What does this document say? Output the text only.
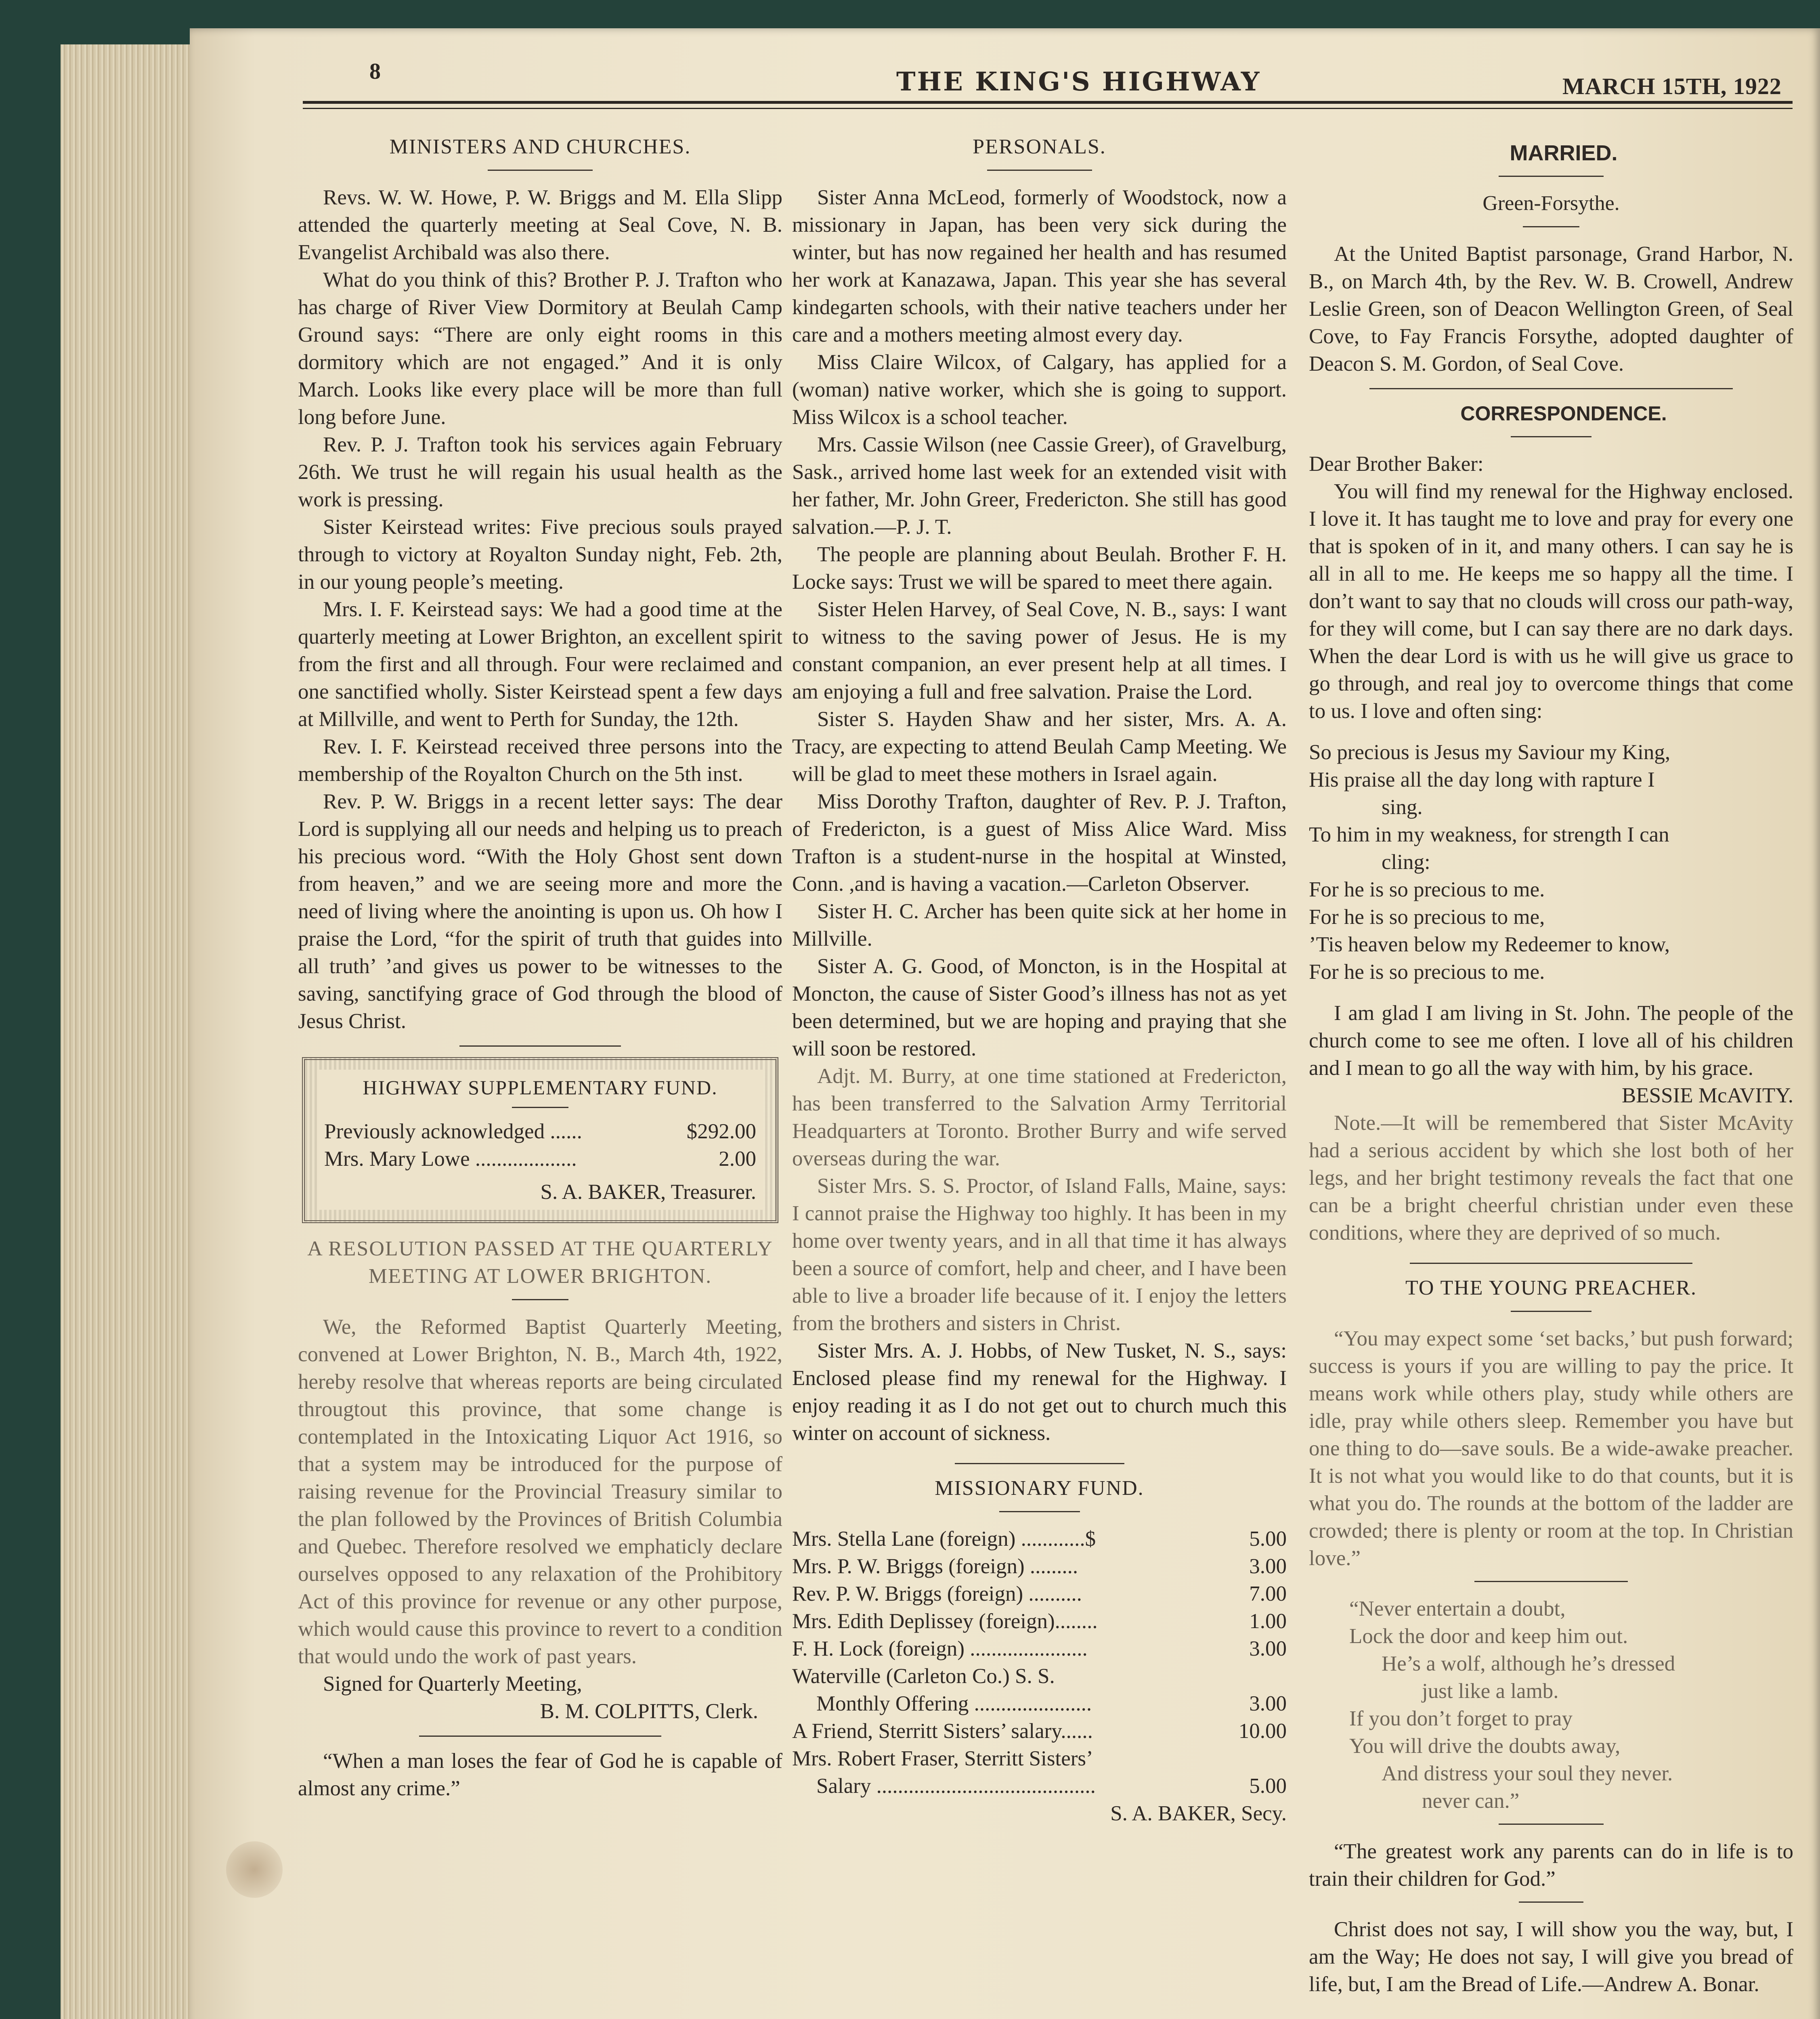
8	THE KING'S HIGHWAY	MARCH 15TH, 1922

MINISTERS AND CHURCHES.

Revs. W. W. Howe, P. W. Briggs and M. Ella Slipp attended the quarterly meeting at Seal Cove, N. B. Evangelist Archibald was also there.

What do you think of this? Brother P. J. Trafton who has charge of River View Dormitory at Beulah Camp Ground says: “There are only eight rooms in this dormitory which are not engaged.” And it is only March. Looks like every place will be more than full long before June.

Rev. P. J. Trafton took his services again February 26th. We trust he will regain his usual health as the work is pressing.

Sister Keirstead writes: Five precious souls prayed through to victory at Royalton Sunday night, Feb. 2th, in our young people’s meeting.

Mrs. I. F. Keirstead says: We had a good time at the quarterly meeting at Lower Brighton, an excellent spirit from the first and all through. Four were reclaimed and one sanctified wholly. Sister Keirstead spent a few days at Millville, and went to Perth for Sunday, the 12th.

Rev. I. F. Keirstead received three persons into the membership of the Royalton Church on the 5th inst.

Rev. P. W. Briggs in a recent letter says: The dear Lord is supplying all our needs and helping us to preach his precious word. “With the Holy Ghost sent down from heaven,” and we are seeing more and more the need of living where the anointing is upon us. Oh how I praise the Lord, “for the spirit of truth that guides into all truth’ ’and gives us power to be witnesses to the saving, sanctifying grace of God through the blood of Jesus Christ.

HIGHWAY SUPPLEMENTARY FUND.

Previously acknowledged ......	$292.00
Mrs. Mary Lowe ...................	2.00
S. A. BAKER, Treasurer.

A RESOLUTION PASSED AT THE QUARTERLY MEETING AT LOWER BRIGHTON.

We, the Reformed Baptist Quarterly Meeting, convened at Lower Brighton, N. B., March 4th, 1922, hereby resolve that whereas reports are being circulated througtout this province, that some change is contemplated in the Intoxicating Liquor Act 1916, so that a system may be introduced for the purpose of raising revenue for the Provincial Treasury similar to the plan followed by the Provinces of British Columbia and Quebec. Therefore resolved we emphaticly declare ourselves opposed to any relaxation of the Prohibitory Act of this province for revenue or any other purpose, which would cause this province to revert to a condition that would undo the work of past years.

Signed for Quarterly Meeting,

B. M. COLPITTS, Clerk.

“When a man loses the fear of God he is capable of almost any crime.”

PERSONALS.

Sister Anna McLeod, formerly of Woodstock, now a missionary in Japan, has been very sick during the winter, but has now regained her health and has resumed her work at Kanazawa, Japan. This year she has several kindegarten schools, with their native teachers under her care and a mothers meeting almost every day.

Miss Claire Wilcox, of Calgary, has applied for a (woman) native worker, which she is going to support. Miss Wilcox is a school teacher.

Mrs. Cassie Wilson (nee Cassie Greer), of Gravelburg, Sask., arrived home last week for an extended visit with her father, Mr. John Greer, Fredericton. She still has good salvation.—P. J. T.

The people are planning about Beulah. Brother F. H. Locke says: Trust we will be spared to meet there again.

Sister Helen Harvey, of Seal Cove, N. B., says: I want to witness to the saving power of Jesus. He is my constant companion, an ever present help at all times. I am enjoying a full and free salvation. Praise the Lord.

Sister S. Hayden Shaw and her sister, Mrs. A. A. Tracy, are expecting to attend Beulah Camp Meeting. We will be glad to meet these mothers in Israel again.

Miss Dorothy Trafton, daughter of Rev. P. J. Trafton, of Fredericton, is a guest of Miss Alice Ward. Miss Trafton is a student-nurse in the hospital at Winsted, Conn. ,and is having a vacation.—Carleton Observer.

Sister H. C. Archer has been quite sick at her home in Millville.

Sister A. G. Good, of Moncton, is in the Hospital at Moncton, the cause of Sister Good’s illness has not as yet been determined, but we are hoping and praying that she will soon be restored.

Adjt. M. Burry, at one time stationed at Fredericton, has been transferred to the Salvation Army Territorial Headquarters at Toronto. Brother Burry and wife served overseas during the war.

Sister Mrs. S. S. Proctor, of Island Falls, Maine, says: I cannot praise the Highway too highly. It has been in my home over twenty years, and in all that time it has always been a source of comfort, help and cheer, and I have been able to live a broader life because of it. I enjoy the letters from the brothers and sisters in Christ.

Sister Mrs. A. J. Hobbs, of New Tusket, N. S., says: Enclosed please find my renewal for the Highway. I enjoy reading it as I do not get out to church much this winter on account of sickness.

MISSIONARY FUND.

Mrs. Stella Lane (foreign) ............$	5.00
Mrs. P. W. Briggs (foreign) .........	3.00
Rev. P. W. Briggs (foreign) ..........	7.00
Mrs. Edith Deplissey (foreign)........	1.00
F. H. Lock (foreign) ......................	3.00
Waterville (Carleton Co.) S. S.
Monthly Offering ......................	3.00
A Friend, Sterritt Sisters’ salary......	10.00
Mrs. Robert Fraser, Sterritt Sisters’
Salary .........................................	5.00
S. A. BAKER, Secy.

MARRIED.

Green-Forsythe.

At the United Baptist parsonage, Grand Harbor, N. B., on March 4th, by the Rev. W. B. Crowell, Andrew Leslie Green, son of Deacon Wellington Green, of Seal Cove, to Fay Francis Forsythe, adopted daughter of Deacon S. M. Gordon, of Seal Cove.

CORRESPONDENCE.

Dear Brother Baker:

You will find my renewal for the Highway enclosed. I love it. It has taught me to love and pray for every one that is spoken of in it, and many others. I can say he is all in all to me. He keeps me so happy all the time. I don’t want to say that no clouds will cross our path-way, for they will come, but I can say there are no dark days. When the dear Lord is with us he will give us grace to go through, and real joy to overcome things that come to us. I love and often sing:

So precious is Jesus my Saviour my King,

His praise all the day long with rapture I

sing.

To him in my weakness, for strength I can

cling:

For he is so precious to me.

For he is so precious to me,

’Tis heaven below my Redeemer to know,

For he is so precious to me.

I am glad I am living in St. John. The people of the church come to see me often. I love all of his children and I mean to go all the way with him, by his grace.

BESSIE McAVITY.

Note.—It will be remembered that Sister McAvity had a serious accident by which she lost both of her legs, and her bright testimony reveals the fact that one can be a bright cheerful christian under even these conditions, where they are deprived of so much.

TO THE YOUNG PREACHER.

“You may expect some ‘set backs,’ but push forward; success is yours if you are willing to pay the price. It means work while others play, study while others are idle, pray while others sleep. Remember you have but one thing to do—save souls. Be a wide-awake preacher. It is not what you would like to do that counts, but it is what you do. The rounds at the bottom of the ladder are crowded; there is plenty or room at the top. In Christian love.”

“Never entertain a doubt,

Lock the door and keep him out.

He’s a wolf, although he’s dressed

just like a lamb.

If you don’t forget to pray

You will drive the doubts away,

And distress your soul they never.

never can.”

“The greatest work any parents can do in life is to train their children for God.”

Christ does not say, I will show you the way, but, I am the Way; He does not say, I will give you bread of life, but, I am the Bread of Life.—Andrew A. Bonar.
